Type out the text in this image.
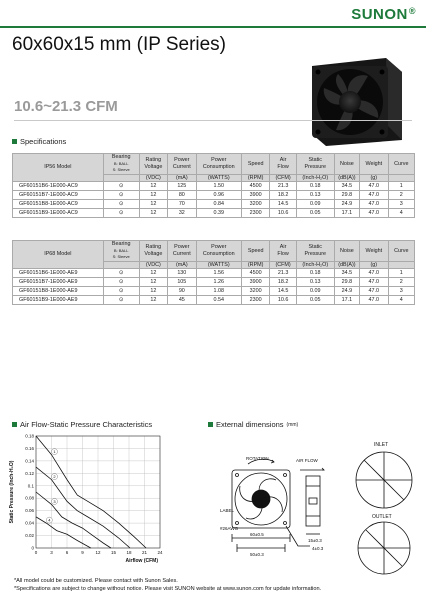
SUNON®
60x60x15 mm (IP Series)
10.6~21.3 CFM
Specifications
IP56 Model	Bearing
B: BALL
S: Sleeve	Rating
Voltage	Power
Current	Power
Consumption	Speed	Air
Flow	Static
Pressure	Noise	Weight	Curve
		(VDC)	(mA)	(WATTS)	(RPM)	(CFM)	(Inch-H₂O)	(dB(A))	(g)	
GF60151B6-1E000-AC9	⊙	12	125	1.50	4500	21.3	0.18	34.5	47.0	1
GF60151B7-1E000-AC9	⊙	12	80	0.96	3900	18.2	0.13	29.8	47.0	2
GF60151B8-1E000-AC9	⊙	12	70	0.84	3200	14.5	0.09	24.9	47.0	3
GF60151B9-1E000-AC9	⊙	12	32	0.39	2300	10.6	0.05	17.1	47.0	4
IP68 Model	Bearing
B: BALL
S: Sleeve	Rating
Voltage	Power
Current	Power
Consumption	Speed	Air
Flow	Static
Pressure	Noise	Weight	Curve
		(VDC)	(mA)	(WATTS)	(RPM)	(CFM)	(Inch-H₂O)	(dB(A))	(g)	
GF60151B6-1E000-AE9	⊙	12	130	1.56	4500	21.3	0.18	34.5	47.0	1
GF60151B7-1E000-AE9	⊙	12	105	1.26	3900	18.2	0.13	29.8	47.0	2
GF60151B8-1E000-AE9	⊙	12	90	1.08	3200	14.5	0.09	24.9	47.0	3
GF60151B9-1E000-AE9	⊙	12	45	0.54	2300	10.6	0.05	17.1	47.0	4
Air Flow-Static Pressure Characteristics
0
0.02
0.04
0.06
0.08
0.1
0.12
0.14
0.16
0.18
0	3	6	9	12 15 18 21 24
1
2
3
4
Airflow (CFM)
Static Pressure (Inch-H₂O)
External dimensions (mm)
ROTATION	AIR FLOW
LABEL
#26AWG
60±0.5
50±0.3
15±0.3
4±0.3
INLET
OUTLET
*All model could be customized. Please contact with Sunon Sales.
*Specifications are subject to change without notice. Please visit SUNON website at www.sunon.com for update information.
